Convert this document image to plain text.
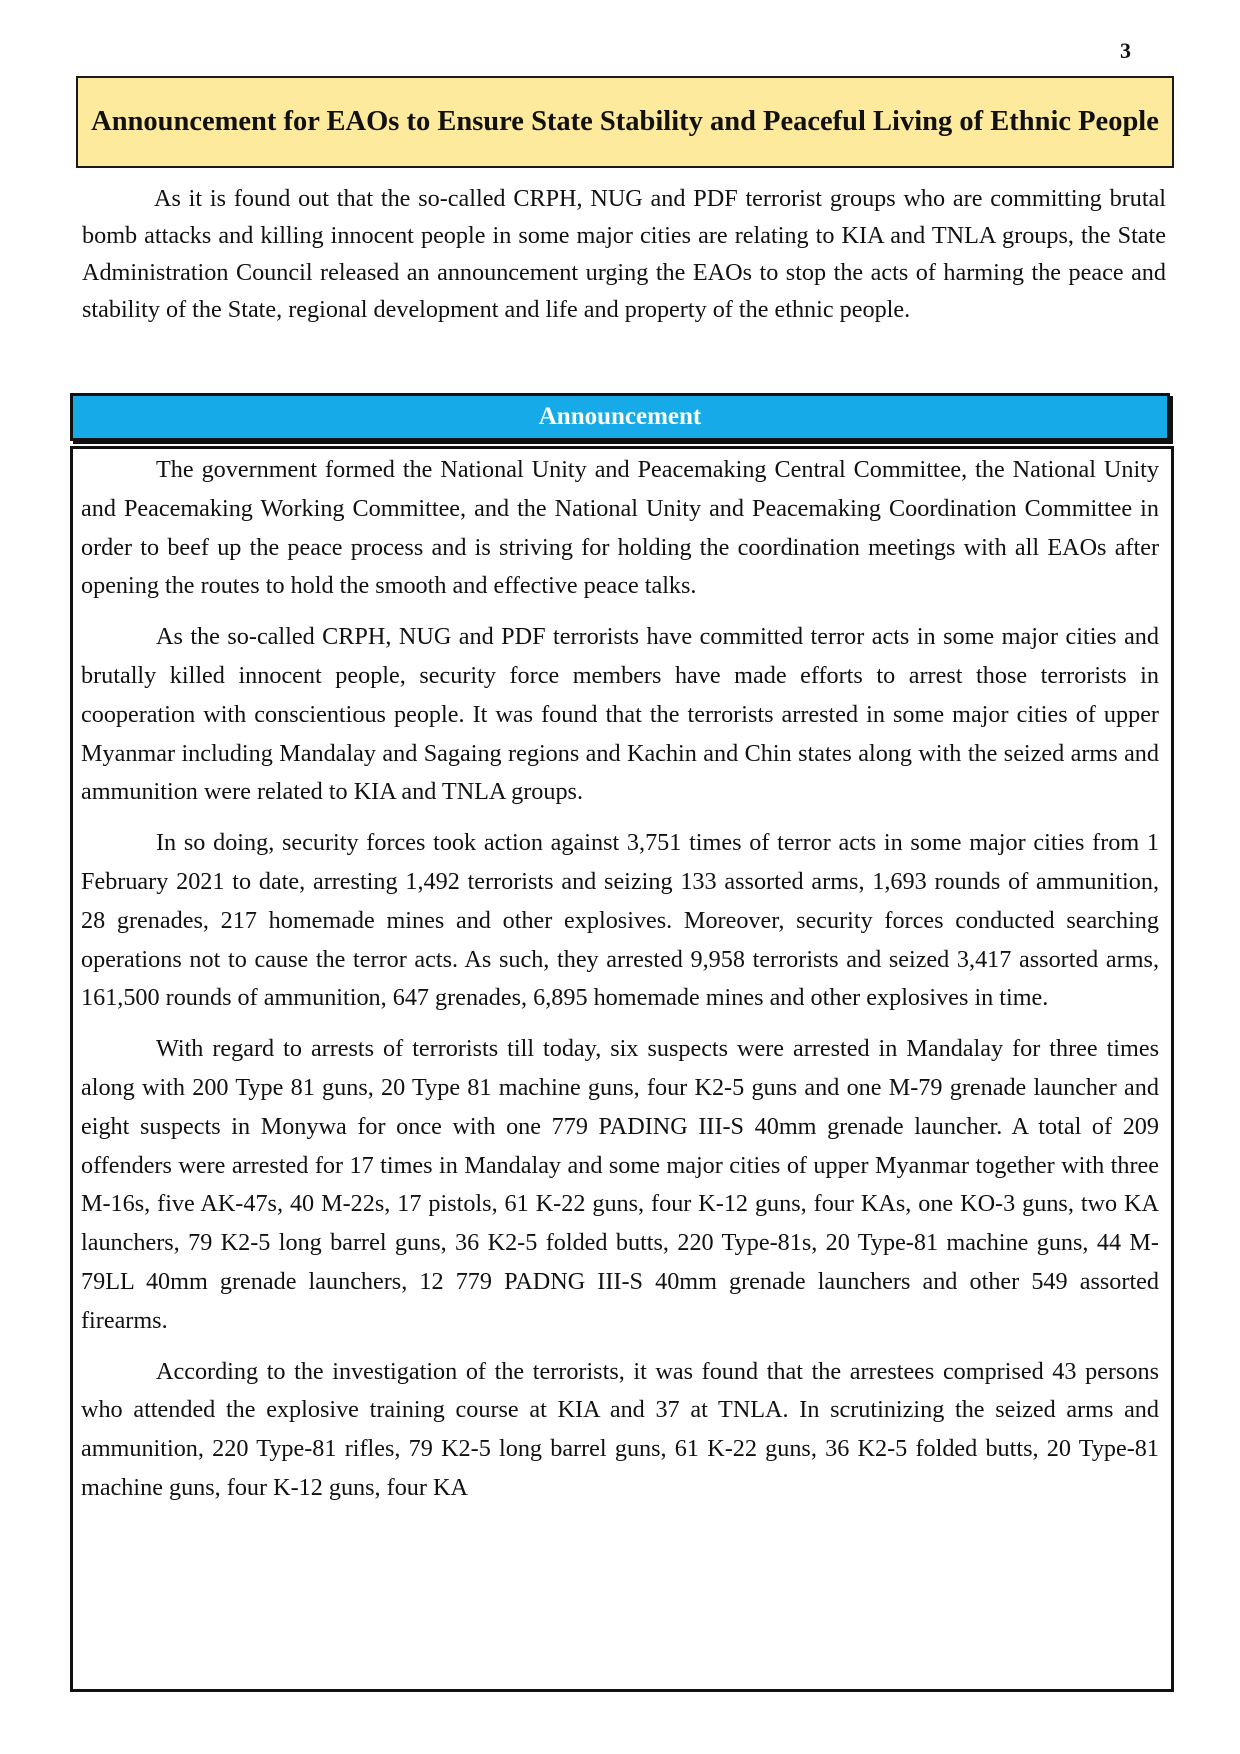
3
Announcement for EAOs to Ensure State Stability and Peaceful Living of Ethnic People

As it is found out that the so-called CRPH, NUG and PDF terrorist groups who are committing brutal bomb attacks and killing innocent people in some major cities are relating to KIA and TNLA groups, the State Administration Council released an announcement urging the EAOs to stop the acts of harming the peace and stability of the State, regional development and life and property of the ethnic people.

Announcement

The government formed the National Unity and Peacemaking Central Committee, the National Unity and Peacemaking Working Committee, and the National Unity and Peacemaking Coordination Committee in order to beef up the peace process and is striving for holding the coordination meetings with all EAOs after opening the routes to hold the smooth and effective peace talks.

As the so-called CRPH, NUG and PDF terrorists have committed terror acts in some major cities and brutally killed innocent people, security force members have made efforts to arrest those terrorists in cooperation with conscientious people. It was found that the terrorists arrested in some major cities of upper Myanmar including Mandalay and Sagaing regions and Kachin and Chin states along with the seized arms and ammunition were related to KIA and TNLA groups.

In so doing, security forces took action against 3,751 times of terror acts in some major cities from 1 February 2021 to date, arresting 1,492 terrorists and seizing 133 assorted arms, 1,693 rounds of ammunition, 28 grenades, 217 homemade mines and other explosives. Moreover, security forces conducted searching operations not to cause the terror acts. As such, they arrested 9,958 terrorists and seized 3,417 assorted arms, 161,500 rounds of ammunition, 647 grenades, 6,895 homemade mines and other explosives in time.

With regard to arrests of terrorists till today, six suspects were arrested in Mandalay for three times along with 200 Type 81 guns, 20 Type 81 machine guns, four K2-5 guns and one M-79 grenade launcher and eight suspects in Monywa for once with one 779 PADING III-S 40mm grenade launcher. A total of 209 offenders were arrested for 17 times in Mandalay and some major cities of upper Myanmar together with three M-16s, five AK-47s, 40 M-22s, 17 pistols, 61 K-22 guns, four K-12 guns, four KAs, one KO-3 guns, two KA launchers, 79 K2-5 long barrel guns, 36 K2-5 folded butts, 220 Type-81s, 20 Type-81 machine guns, 44 M-79LL 40mm grenade launchers, 12 779 PADNG III-S 40mm grenade launchers and other 549 assorted firearms.

According to the investigation of the terrorists, it was found that the arrestees comprised 43 persons who attended the explosive training course at KIA and 37 at TNLA. In scrutinizing the seized arms and ammunition, 220 Type-81 rifles, 79 K2-5 long barrel guns, 61 K-22 guns, 36 K2-5 folded butts, 20 Type-81 machine guns, four K-12 guns, four KA
